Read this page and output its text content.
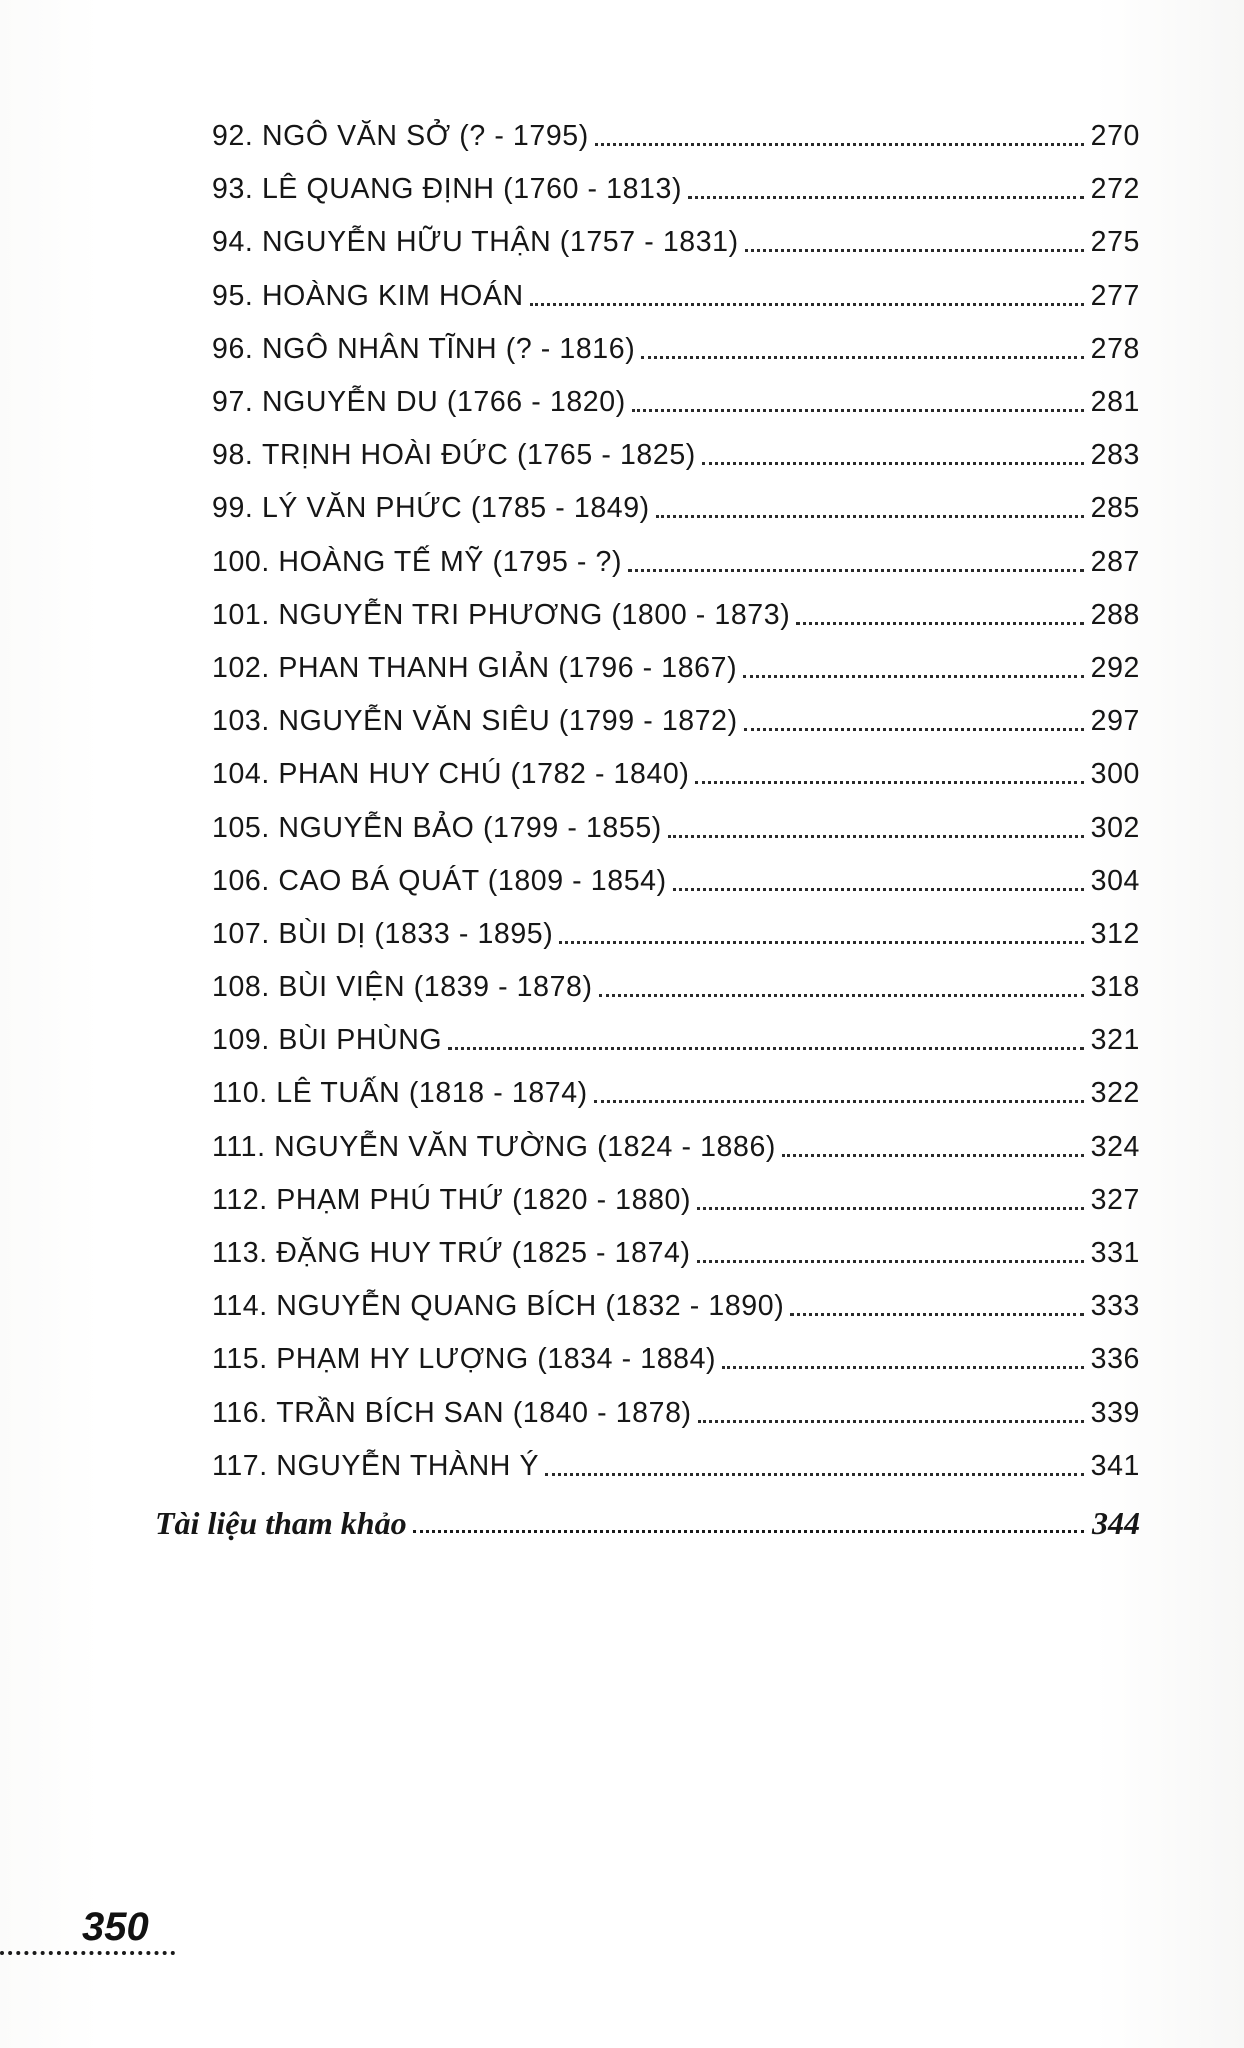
92. NGÔ VĂN SỞ (? - 1795)	270
93. LÊ QUANG ĐỊNH (1760 - 1813)	272
94. NGUYỄN HỮU THẬN (1757 - 1831)	275
95. HOÀNG KIM HOÁN	277
96. NGÔ NHÂN TĨNH (? - 1816)	278
97. NGUYỄN DU (1766 - 1820)	281
98. TRỊNH HOÀI ĐỨC (1765 - 1825)	283
99. LÝ VĂN PHỨC (1785 - 1849)	285
100. HOÀNG TẾ MỸ (1795 - ?)	287
101. NGUYỄN TRI PHƯƠNG (1800 - 1873)	288
102. PHAN THANH GIẢN (1796 - 1867)	292
103. NGUYỄN VĂN SIÊU (1799 - 1872)	297
104. PHAN HUY CHÚ (1782 - 1840)	300
105. NGUYỄN BẢO (1799 - 1855)	302
106. CAO BÁ QUÁT (1809 - 1854)	304
107. BÙI DỊ (1833 - 1895)	312
108. BÙI VIỆN (1839 - 1878)	318
109. BÙI PHÙNG	321
110. LÊ TUẤN (1818 - 1874)	322
111. NGUYỄN VĂN TƯỜNG (1824 - 1886)	324
112. PHẠM PHÚ THỨ (1820 - 1880)	327
113. ĐẶNG HUY TRỨ (1825 - 1874)	331
114. NGUYỄN QUANG BÍCH (1832 - 1890)	333
115. PHẠM HY LƯỢNG (1834 - 1884)	336
116. TRẦN BÍCH SAN (1840 - 1878)	339
117. NGUYỄN THÀNH Ý	341
Tài liệu tham khảo	344
350
